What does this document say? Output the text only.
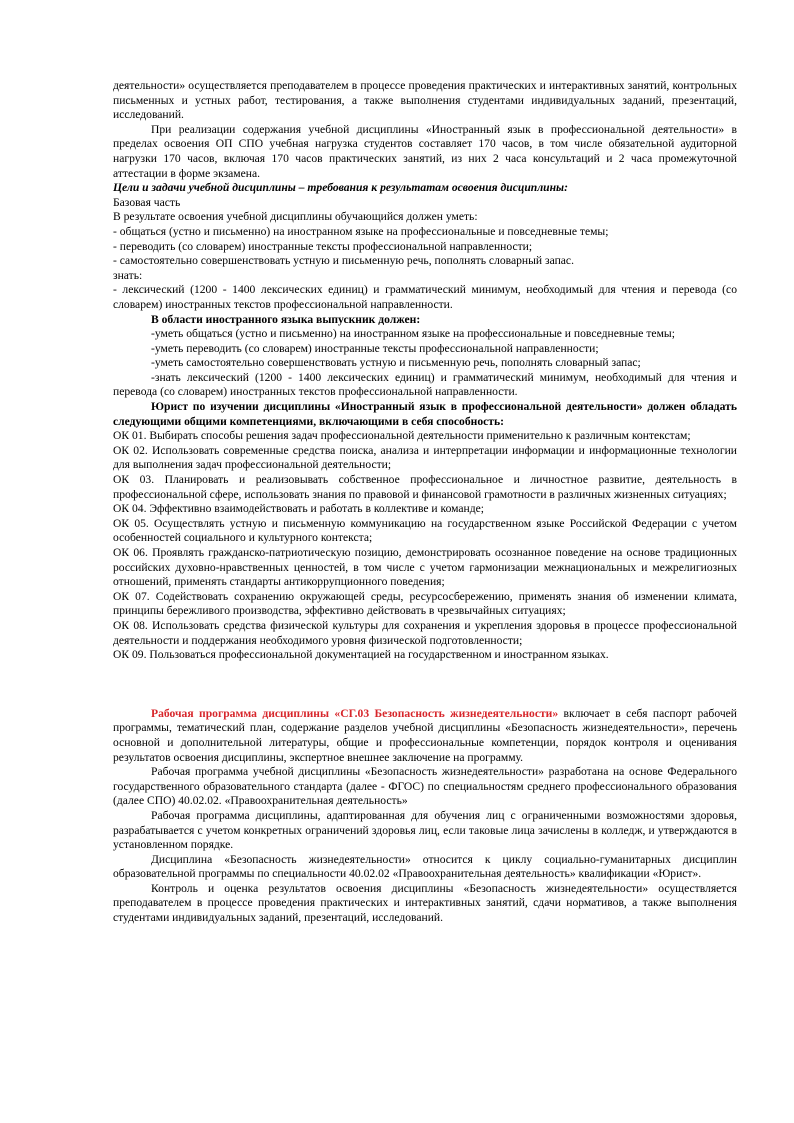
деятельности» осуществляется преподавателем в процессе проведения практических и интерактивных занятий, контрольных письменных и устных работ, тестирования, а также выполнения студентами индивидуальных заданий, презентаций, исследований.

При реализации содержания учебной дисциплины «Иностранный язык в профессиональной деятельности» в пределах освоения ОП СПО учебная нагрузка студентов составляет 170 часов, в том числе обязательной аудиторной нагрузки 170 часов, включая 170 часов практических занятий, из них 2 часа консультаций и 2 часа промежуточной аттестации в форме экзамена.

Цели и задачи учебной дисциплины – требования к результатам освоения дисциплины:

Базовая часть

В результате освоения учебной дисциплины обучающийся должен уметь:

- общаться (устно и письменно) на иностранном языке на профессиональные и повседневные темы;

- переводить (со словарем) иностранные тексты профессиональной направленности;

- самостоятельно совершенствовать устную и письменную речь, пополнять словарный запас.

знать:

- лексический (1200 - 1400 лексических единиц) и грамматический минимум, необходимый для чтения и перевода (со словарем) иностранных текстов профессиональной направленности.

В области иностранного языка выпускник должен:

-уметь общаться (устно и письменно) на иностранном языке на профессиональные и повседневные темы;

-уметь переводить (со словарем) иностранные тексты профессиональной направленности;

-уметь самостоятельно совершенствовать устную и письменную речь, пополнять словарный запас;

-знать лексический (1200 - 1400 лексических единиц) и грамматический минимум, необходимый для чтения и перевода (со словарем) иностранных текстов профессиональной направленности.

Юрист по изучении дисциплины «Иностранный язык в профессиональной деятельности» должен обладать следующими общими компетенциями, включающими в себя способность:

ОК 01. Выбирать способы решения задач профессиональной деятельности применительно к различным контекстам;

ОК 02. Использовать современные средства поиска, анализа и интерпретации информации и информационные технологии для выполнения задач профессиональной деятельности;

ОК 03. Планировать и реализовывать собственное профессиональное и личностное развитие, деятельность в профессиональной сфере, использовать знания по правовой и финансовой грамотности в различных жизненных ситуациях;

ОК 04. Эффективно взаимодействовать и работать в коллективе и команде;

ОК 05. Осуществлять устную и письменную коммуникацию на государственном языке Российской Федерации с учетом особенностей социального и культурного контекста;

ОК 06. Проявлять гражданско-патриотическую позицию, демонстрировать осознанное поведение на основе традиционных российских духовно-нравственных ценностей, в том числе с учетом гармонизации межнациональных и межрелигиозных отношений, применять стандарты антикоррупционного поведения;

ОК 07. Содействовать сохранению окружающей среды, ресурсосбережению, применять знания об изменении климата, принципы бережливого производства, эффективно действовать в чрезвычайных ситуациях;

ОК 08. Использовать средства физической культуры для сохранения и укрепления здоровья в процессе профессиональной деятельности и поддержания необходимого уровня физической подготовленности;

ОК 09. Пользоваться профессиональной документацией на государственном и иностранном языках.

Рабочая программа дисциплины «СГ.03 Безопасность жизнедеятельности» включает в себя паспорт рабочей программы, тематический план, содержание разделов учебной дисциплины «Безопасность жизнедеятельности», перечень основной и дополнительной литературы, общие и профессиональные компетенции, порядок контроля и оценивания результатов освоения дисциплины, экспертное внешнее заключение на программу.

Рабочая программа учебной дисциплины «Безопасность жизнедеятельности» разработана на основе Федерального государственного образовательного стандарта (далее - ФГОС) по специальностям среднего профессионального образования (далее СПО) 40.02.02. «Правоохранительная деятельность»

Рабочая программа дисциплины, адаптированная для обучения лиц с ограниченными возможностями здоровья, разрабатывается с учетом конкретных ограничений здоровья лиц, если таковые лица зачислены в колледж, и утверждаются в установленном порядке.

Дисциплина «Безопасность жизнедеятельности» относится к циклу социально-гуманитарных дисциплин образовательной программы по специальности 40.02.02 «Правоохранительная деятельность» квалификации «Юрист».

Контроль и оценка результатов освоения дисциплины «Безопасность жизнедеятельности» осуществляется преподавателем в процессе проведения практических и интерактивных занятий, сдачи нормативов, а также выполнения студентами индивидуальных заданий, презентаций, исследований.
